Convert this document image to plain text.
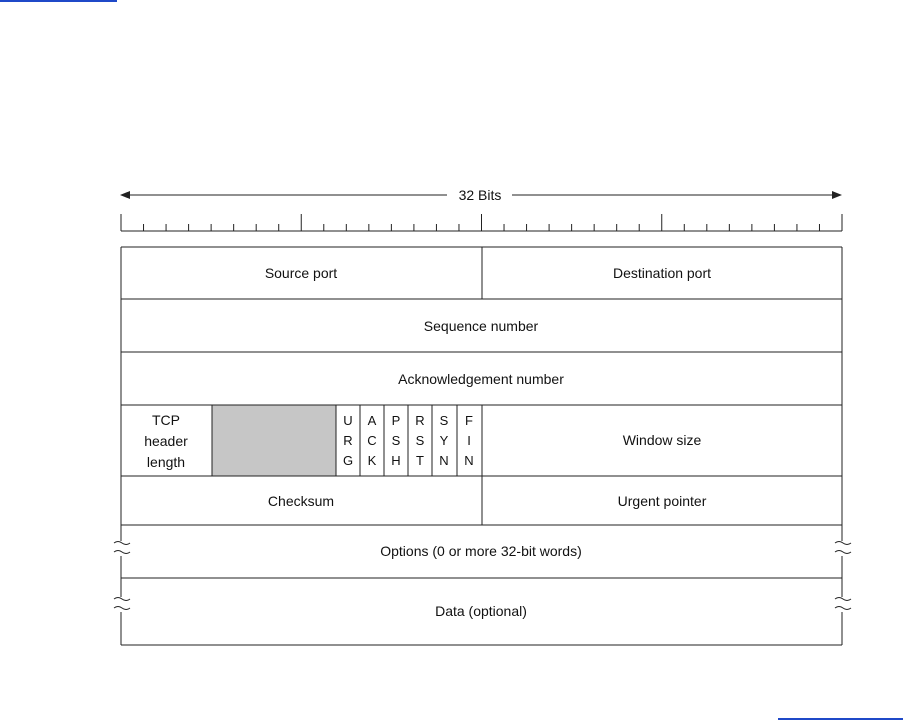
32 Bits
Source port	Destination port
Sequence number
Acknowledgement number
TCP
header
length
U
R
G
A
C
K
P
S
H
R
S
T
S
Y
N
F
I
N
Window size
Checksum	Urgent pointer
Options (0 or more 32-bit words)
Data (optional)
